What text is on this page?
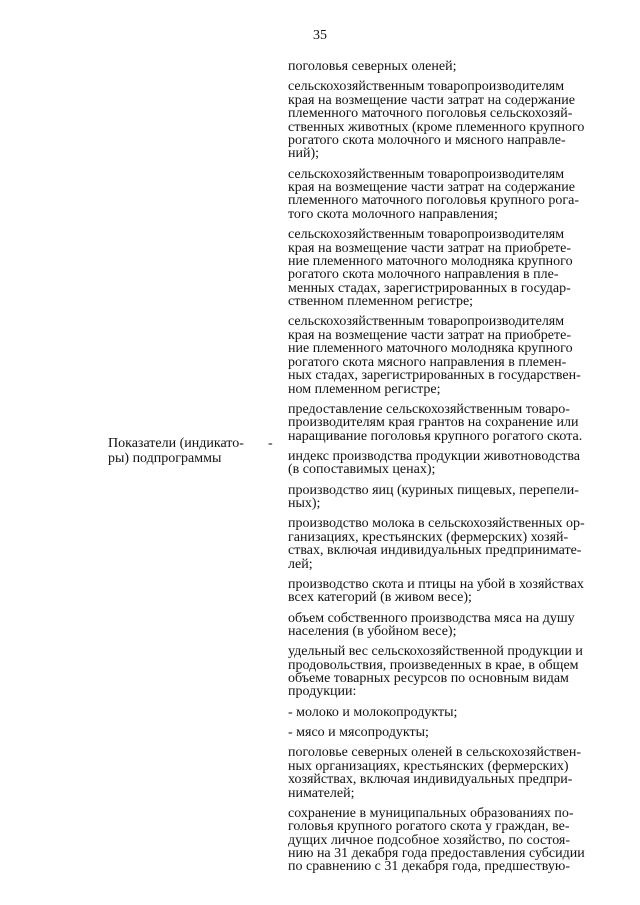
35
Показатели (индикато-
ры) подпрограммы
-

поголовья северных оленей;

сельскохозяйственным товаропроизводителям
края на возмещение части затрат на содержание
племенного маточного поголовья сельскохозяй-
ственных животных (кроме племенного крупного
рогатого скота молочного и мясного направле-
ний);

сельскохозяйственным товаропроизводителям
края на возмещение части затрат на содержание
племенного маточного поголовья крупного рога-
того скота молочного направления;

сельскохозяйственным товаропроизводителям
края на возмещение части затрат на приобрете-
ние племенного маточного молодняка крупного
рогатого скота молочного направления в пле-
менных стадах, зарегистрированных в государ-
ственном племенном регистре;

сельскохозяйственным товаропроизводителям
края на возмещение части затрат на приобрете-
ние племенного маточного молодняка крупного
рогатого скота мясного направления в племен-
ных стадах, зарегистрированных в государствен-
ном племенном регистре;

предоставление сельскохозяйственным товаро-
производителям края грантов на сохранение или
наращивание поголовья крупного рогатого скота.

индекс производства продукции животноводства
(в сопоставимых ценах);

производство яиц (куриных пищевых, перепели-
ных);

производство молока в сельскохозяйственных ор-
ганизациях, крестьянских (фермерских) хозяй-
ствах, включая индивидуальных предпринимате-
лей;

производство скота и птицы на убой в хозяйствах
всех категорий (в живом весе);

объем собственного производства мяса на душу
населения (в убойном весе);

удельный вес сельскохозяйственной продукции и
продовольствия, произведенных в крае, в общем
объеме товарных ресурсов по основным видам
продукции:

- молоко и молокопродукты;

- мясо и мясопродукты;

поголовье северных оленей в сельскохозяйствен-
ных организациях, крестьянских (фермерских)
хозяйствах, включая индивидуальных предпри-
нимателей;

сохранение в муниципальных образованиях по-
головья крупного рогатого скота у граждан, ве-
дущих личное подсобное хозяйство, по состоя-
нию на 31 декабря года предоставления субсидии
по сравнению с 31 декабря года, предшествую-
